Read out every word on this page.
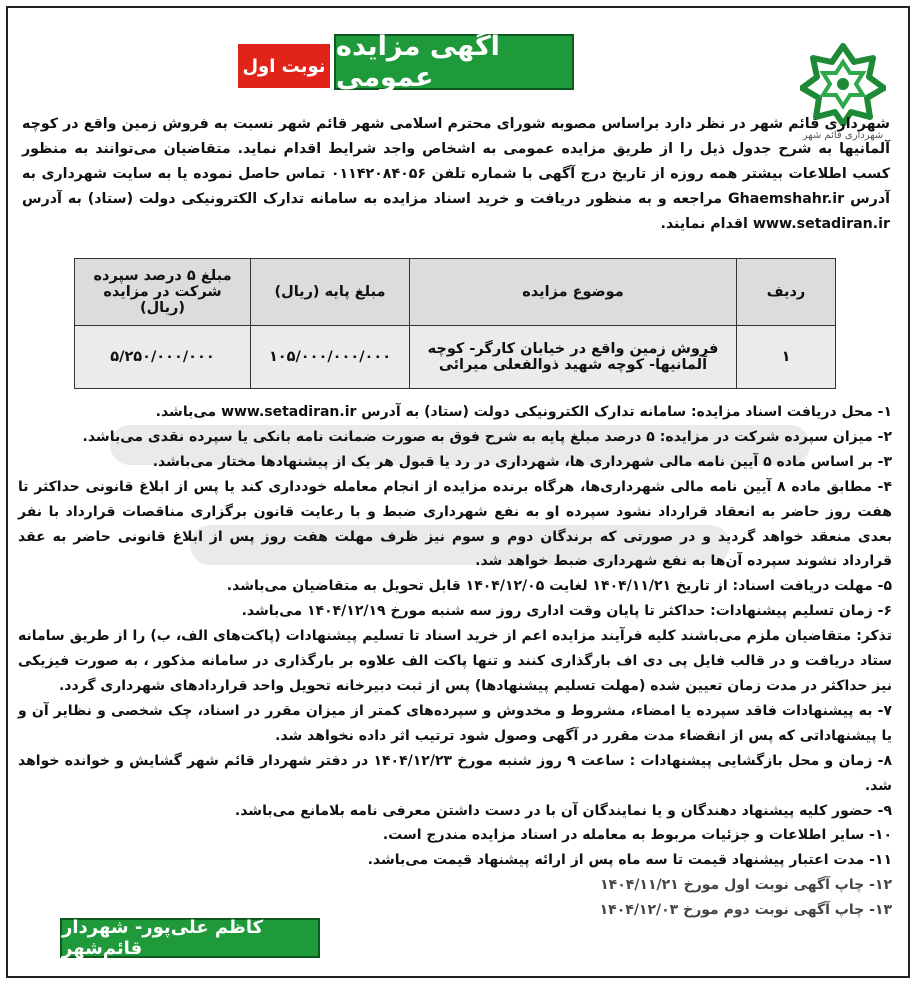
آگهی مزایده عمومی
نوبت اول
شهرداری قائم شهر

شهرداری قائم شهر در نظر دارد براساس مصوبه شورای محترم اسلامی شهر قائم شهر نسبت به فروش زمین واقع در کوچه آلمانیها به شرح جدول ذیل را از طریق مزایده عمومی به اشخاص واجد شرایط اقدام نماید. متقاضیان می‌توانند به منظور کسب اطلاعات بیشتر همه روزه از تاریخ درج آگهی با شماره تلفن ۰۱۱۴۲۰۸۴۰۵۶ تماس حاصل نموده یا به سایت شهرداری به آدرس Ghaemshahr.ir مراجعه و به منظور دریافت و خرید اسناد مزایده به سامانه تدارک الکترونیکی دولت (ستاد) به آدرس www.setadiran.ir اقدام نمایند.

ردیف	موضوع مزایده	مبلغ پایه (ریال)	مبلغ ۵ درصد سپرده شرکت در مزایده (ریال)
۱	فروش زمین واقع در خیابان کارگر- کوچه آلمانیها- کوچه شهید ذوالفعلی میرائی	۱۰۵/۰۰۰/۰۰۰/۰۰۰	۵/۲۵۰/۰۰۰/۰۰۰

۱- محل دریافت اسناد مزایده: سامانه تدارک الکترونیکی دولت (ستاد) به آدرس www.setadiran.ir می‌باشد.

۲- میزان سپرده شرکت در مزایده: ۵ درصد مبلغ پایه به شرح فوق به صورت ضمانت نامه بانکی یا سپرده نقدی می‌باشد.

۳- بر اساس ماده ۵ آیین نامه مالی شهرداری ها، شهرداری در رد یا قبول هر یک از پیشنهادها مختار می‌باشد.

۴- مطابق ماده ۸ آیین نامه مالی شهرداری‌ها، هرگاه برنده مزایده از انجام معامله خودداری کند یا پس از ابلاغ قانونی حداکثر تا هفت روز حاضر به انعقاد قرارداد نشود سپرده او به نفع شهرداری ضبط و با رعایت قانون برگزاری مناقصات قرارداد با نفر بعدی منعقد خواهد گردید و در صورتی که برندگان دوم و سوم نیز ظرف مهلت هفت روز پس از ابلاغ قانونی حاضر به عقد قرارداد نشوند سپرده آن‌ها به نفع شهرداری ضبط خواهد شد.

۵- مهلت دریافت اسناد: از تاریخ ۱۴۰۴/۱۱/۲۱ لغایت ۱۴۰۴/۱۲/۰۵ قابل تحویل به متقاضیان می‌باشد.

۶- زمان تسلیم پیشنهادات: حداکثر تا پایان وقت اداری روز سه شنبه مورخ ۱۴۰۴/۱۲/۱۹ می‌باشد.

تذکر: متقاضیان ملزم می‌باشند کلیه فرآیند مزایده اعم از خرید اسناد تا تسلیم پیشنهادات (پاکت‌های الف، ب) را از طریق سامانه ستاد دریافت و در قالب فایل پی دی اف بارگذاری کنند و تنها پاکت الف علاوه بر بارگذاری در سامانه مذکور ، به صورت فیزیکی نیز حداکثر در مدت زمان تعیین شده (مهلت تسلیم پیشنهادها) پس از ثبت دبیرخانه تحویل واحد قراردادهای شهرداری گردد.

۷- به پیشنهادات فاقد سپرده یا امضاء، مشروط و مخدوش و سپرده‌های کمتر از میزان مقرر در اسناد، چک شخصی و نظایر آن و یا پیشنهاداتی که پس از انقضاء مدت مقرر در آگهی وصول شود ترتیب اثر داده نخواهد شد.

۸- زمان و محل بازگشایی پیشنهادات : ساعت ۹ روز شنبه مورخ ۱۴۰۴/۱۲/۲۳ در دفتر شهردار قائم شهر گشایش و خوانده خواهد شد.

۹- حضور کلیه پیشنهاد دهندگان و یا نمایندگان آن با در دست داشتن معرفی نامه بلامانع می‌باشد.

۱۰- سایر اطلاعات و جزئیات مربوط به معامله در اسناد مزایده مندرج است.

۱۱- مدت اعتبار پیشنهاد قیمت تا سه ماه پس از ارائه پیشنهاد قیمت می‌باشد.

۱۲- چاپ آگهی نوبت اول مورخ ۱۴۰۴/۱۱/۲۱

۱۳- چاپ آگهی نوبت دوم مورخ ۱۴۰۴/۱۲/۰۳

کاظم علی‌پور- شهردار قائم‌شهر
